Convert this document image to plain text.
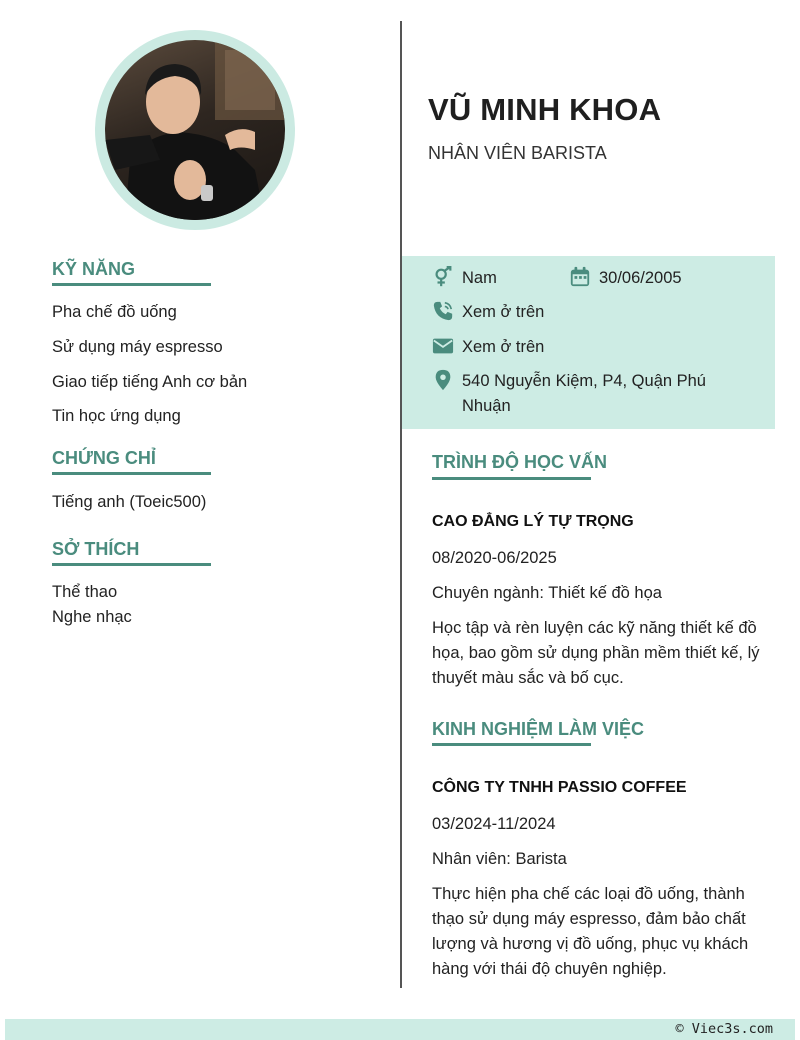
VŨ MINH KHOA
NHÂN VIÊN BARISTA
Nam	30/06/2005
Xem ở trên
Xem ở trên
540 Nguyễn Kiệm, P4, Quận Phú Nhuận
KỸ NĂNG
Pha chế đồ uống
Sử dụng máy espresso
Giao tiếp tiếng Anh cơ bản
Tin học ứng dụng
CHỨNG CHỈ
Tiếng anh (Toeic500)
SỞ THÍCH
Thể thao
Nghe nhạc
TRÌNH ĐỘ HỌC VẤN
CAO ĐẲNG LÝ TỰ TRỌNG
08/2020-06/2025
Chuyên ngành: Thiết kế đồ họa
Học tập và rèn luyện các kỹ năng thiết kế đồ họa, bao gồm sử dụng phần mềm thiết kế, lý thuyết màu sắc và bố cục.
KINH NGHIỆM LÀM VIỆC
CÔNG TY TNHH PASSIO COFFEE
03/2024-11/2024
Nhân viên: Barista
Thực hiện pha chế các loại đồ uống, thành thạo sử dụng máy espresso, đảm bảo chất lượng và hương vị đồ uống, phục vụ khách hàng với thái độ chuyên nghiệp.
© Viec3s.com
